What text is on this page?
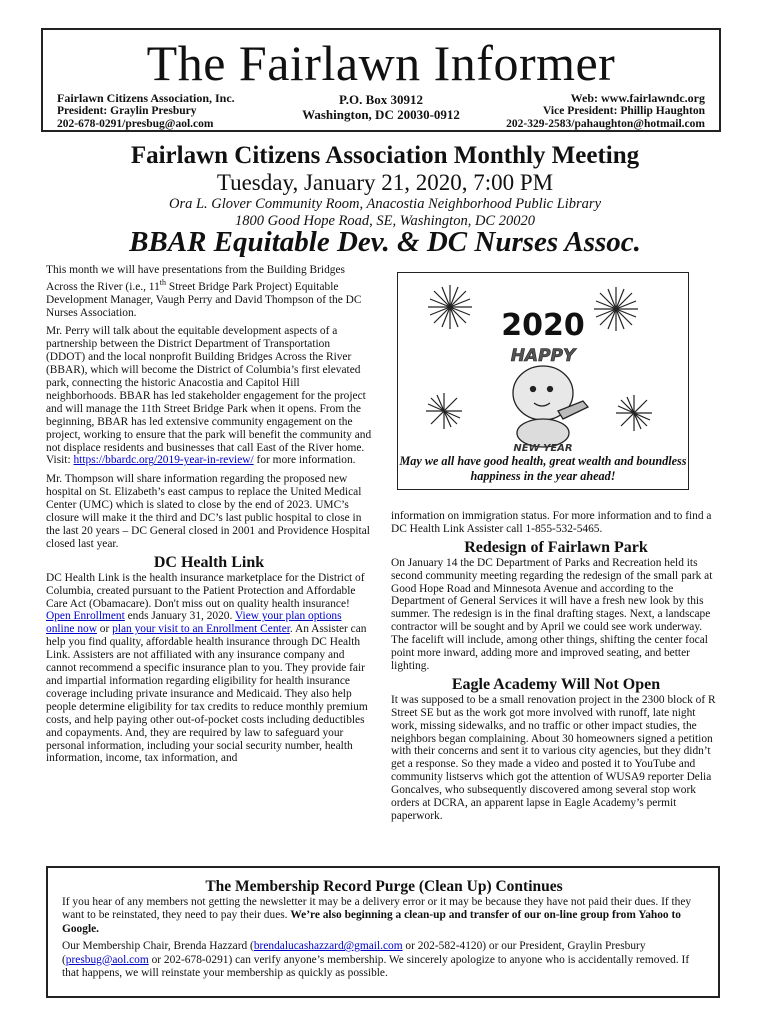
The Fairlawn Informer
Fairlawn Citizens Association, Inc.
President: Graylin Presbury
202-678-0291/presbug@aol.com
P.O. Box 30912
Washington, DC 20030-0912
Web: www.fairlawndc.org
Vice President: Phillip Haughton
202-329-2583/pahaughton@hotmail.com
Fairlawn Citizens Association Monthly Meeting
Tuesday, January 21, 2020, 7:00 PM
Ora L. Glover Community Room, Anacostia Neighborhood Public Library
1800 Good Hope Road, SE, Washington, DC 20020
BBAR Equitable Dev. & DC Nurses Assoc.

This month we will have presentations from the Building Bridges Across the River (i.e., 11th Street Bridge Park Project) Equitable Development Manager, Vaugh Perry and David Thompson of the DC Nurses Association.

Mr. Perry will talk about the equitable development aspects of a partnership between the District Department of Transportation (DDOT) and the local nonprofit Building Bridges Across the River (BBAR), which will become the District of Columbia’s first elevated park, connecting the historic Anacostia and Capitol Hill neighborhoods. BBAR has led stakeholder engagement for the project and will manage the 11th Street Bridge Park when it opens. From the beginning, BBAR has led extensive community engagement on the project, working to ensure that the park will benefit the community and not displace residents and businesses that call East of the River home. Visit: https://bbardc.org/2019-year-in-review/ for more information.

Mr. Thompson will share information regarding the proposed new hospital on St. Elizabeth’s east campus to replace the United Medical Center (UMC) which is slated to close by the end of 2023. UMC’s closure will make it the third and DC’s last public hospital to close in the last 20 years – DC General closed in 2001 and Providence Hospital closed last year.

DC Health Link

DC Health Link is the health insurance marketplace for the District of Columbia, created pursuant to the Patient Protection and Affordable Care Act (Obamacare). Don't miss out on quality health insurance! Open Enrollment ends January 31, 2020. View your plan options online now or plan your visit to an Enrollment Center. An Assister can help you find quality, affordable health insurance through DC Health Link. Assisters are not affiliated with any insurance company and cannot recommend a specific insurance plan to you. They provide fair and impartial information regarding eligibility for health insurance coverage including private insurance and Medicaid. They also help people determine eligibility for tax credits to reduce monthly premium costs, and help paying other out-of-pocket costs including deductibles and copayments. And, they are required by law to safeguard your personal information, including your social security number, health information, income, tax information, and

2020
HAPPY
NEW YEAR
May we all have good health, great wealth and boundless happiness in the year ahead!

information on immigration status. For more information and to find a DC Health Link Assister call 1-855-532-5465.

Redesign of Fairlawn Park

On January 14 the DC Department of Parks and Recreation held its second community meeting regarding the redesign of the small park at Good Hope Road and Minnesota Avenue and according to the Department of General Services it will have a fresh new look by this summer. The redesign is in the final drafting stages. Next, a landscape contractor will be sought and by April we could see work underway. The facelift will include, among other things, shifting the center focal point more inward, adding more and improved seating, and better lighting.

Eagle Academy Will Not Open

It was supposed to be a small renovation project in the 2300 block of R Street SE but as the work got more involved with runoff, late night work, missing sidewalks, and no traffic or other impact studies, the neighbors began complaining. About 30 homeowners signed a petition with their concerns and sent it to various city agencies, but they didn’t get a response. So they made a video and posted it to YouTube and community listservs which got the attention of WUSA9 reporter Delia Goncalves, who subsequently discovered among several stop work orders at DCRA, an apparent lapse in Eagle Academy’s permit paperwork.

The Membership Record Purge (Clean Up) Continues

If you hear of any members not getting the newsletter it may be a delivery error or it may be because they have not paid their dues. If they want to be reinstated, they need to pay their dues. We’re also beginning a clean-up and transfer of our on-line group from Yahoo to Google.

Our Membership Chair, Brenda Hazzard (brendalucashazzard@gmail.com or 202-582-4120) or our President, Graylin Presbury (presbug@aol.com or 202-678-0291) can verify anyone’s membership. We sincerely apologize to anyone who is accidentally removed. If that happens, we will reinstate your membership as quickly as possible.
